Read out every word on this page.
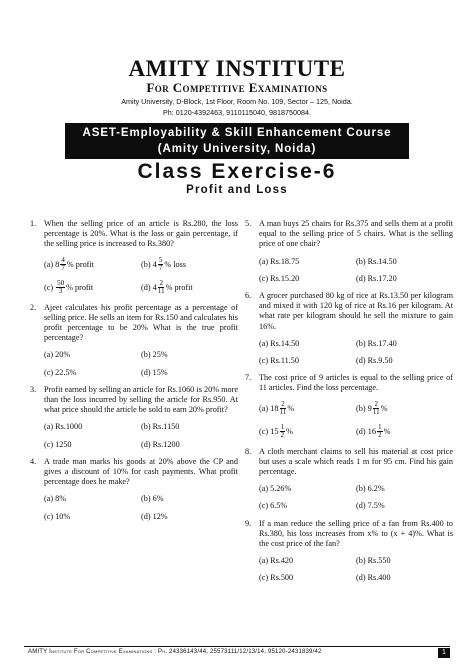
AMITY INSTITUTE
For Competitive Examinations
Amity University, D-Block, 1st Floor, Room No. 109, Sector – 125, Noida.
Ph: 0120-4392463, 9110115040, 9818750084.
ASET-Employability & Skill Enhancement Course
(Amity University, Noida)
Class Exercise-6
Profit and Loss
1. When the selling price of an article is Rs.280, the loss percentage is 20%. What is the loss or gain percentage, if the selling price is increased to Rs.380?
(a) $8 \frac{4}{7}$ % profit	(b) $4 \frac{5}{7}$ % loss
$(c) \frac{50}{3}$ % profit	(d) $4 \frac{2}{11}$ % profit
2. Ajeet calculates his profit percentage as a percentage of selling price. He sells an item for Rs.150 and calculates his profit percentage to be 20% What is the true profit percentage?
(a) 20%	(b) 25%
(c) 22.5%	(d) 15%
3. Profit earned by selling an article for Rs.1060 is 20% more than the loss incurred by selling the article for Rs.950. At what price should the article be sold to earn 20% profit?
(a) Rs.1000	(b) Rs.1150
(c) 1250	(d) Rs.1200
4. A trade man marks his goods at 20% above the CP and gives a discount of 10% for cash payments. What profit percentage does he make?
(a) 8%	(b) 6%
(c) 10%	(d) 12%
5. A man buys 25 chairs for Rs.375 and sells them at a profit equal to the selling price of 5 chairs. What is the selling price of one chair?
(a) Rs.18.75	(b) Rs.14.50
(c) Rs.15.20	(d) Rs.17.20
6. A grocer purchased 80 kg of rice at Rs.13.50 per kilogram and mixed it with 120 kg of rice at Rs.16 per kilogram. At what rate per kilogram should he sell the mixture to gain 16%.
(a) Rs.14.50	(b) Rs.17.40
(c) Rs.11.50	(d) Rs.9.50
7. The cost price of 9 articles is equal to the selling price of 11 articles. Find the loss percentage.
(a) $18 \frac{2}{11}$ %	(b) $9 \frac{2}{11}$ %
(c) $15 \frac{1}{2}$ %	(d) $16 \frac{1}{2}$ %
8. A cloth merchant claims to sell his material at cost price but uses a scale which reads 1 m for 95 cm. Find his gain percentage.
(a) 5.26%	(b) 6.2%
(c) 6.5%	(d) 7.5%
9. If a man reduce the selling price of a fan from Rs.400 to Rs.380, his loss increases from x% to (x + 4)%. What is the cost price of the fan?
(a) Rs.420	(b) Rs.550
(c) Rs.500	(d) Rs.400
AMITY Institute For Competitive Examinations : Ph. 24336143/44, 25573111/12/13/14, 95120-2431839/42	1
